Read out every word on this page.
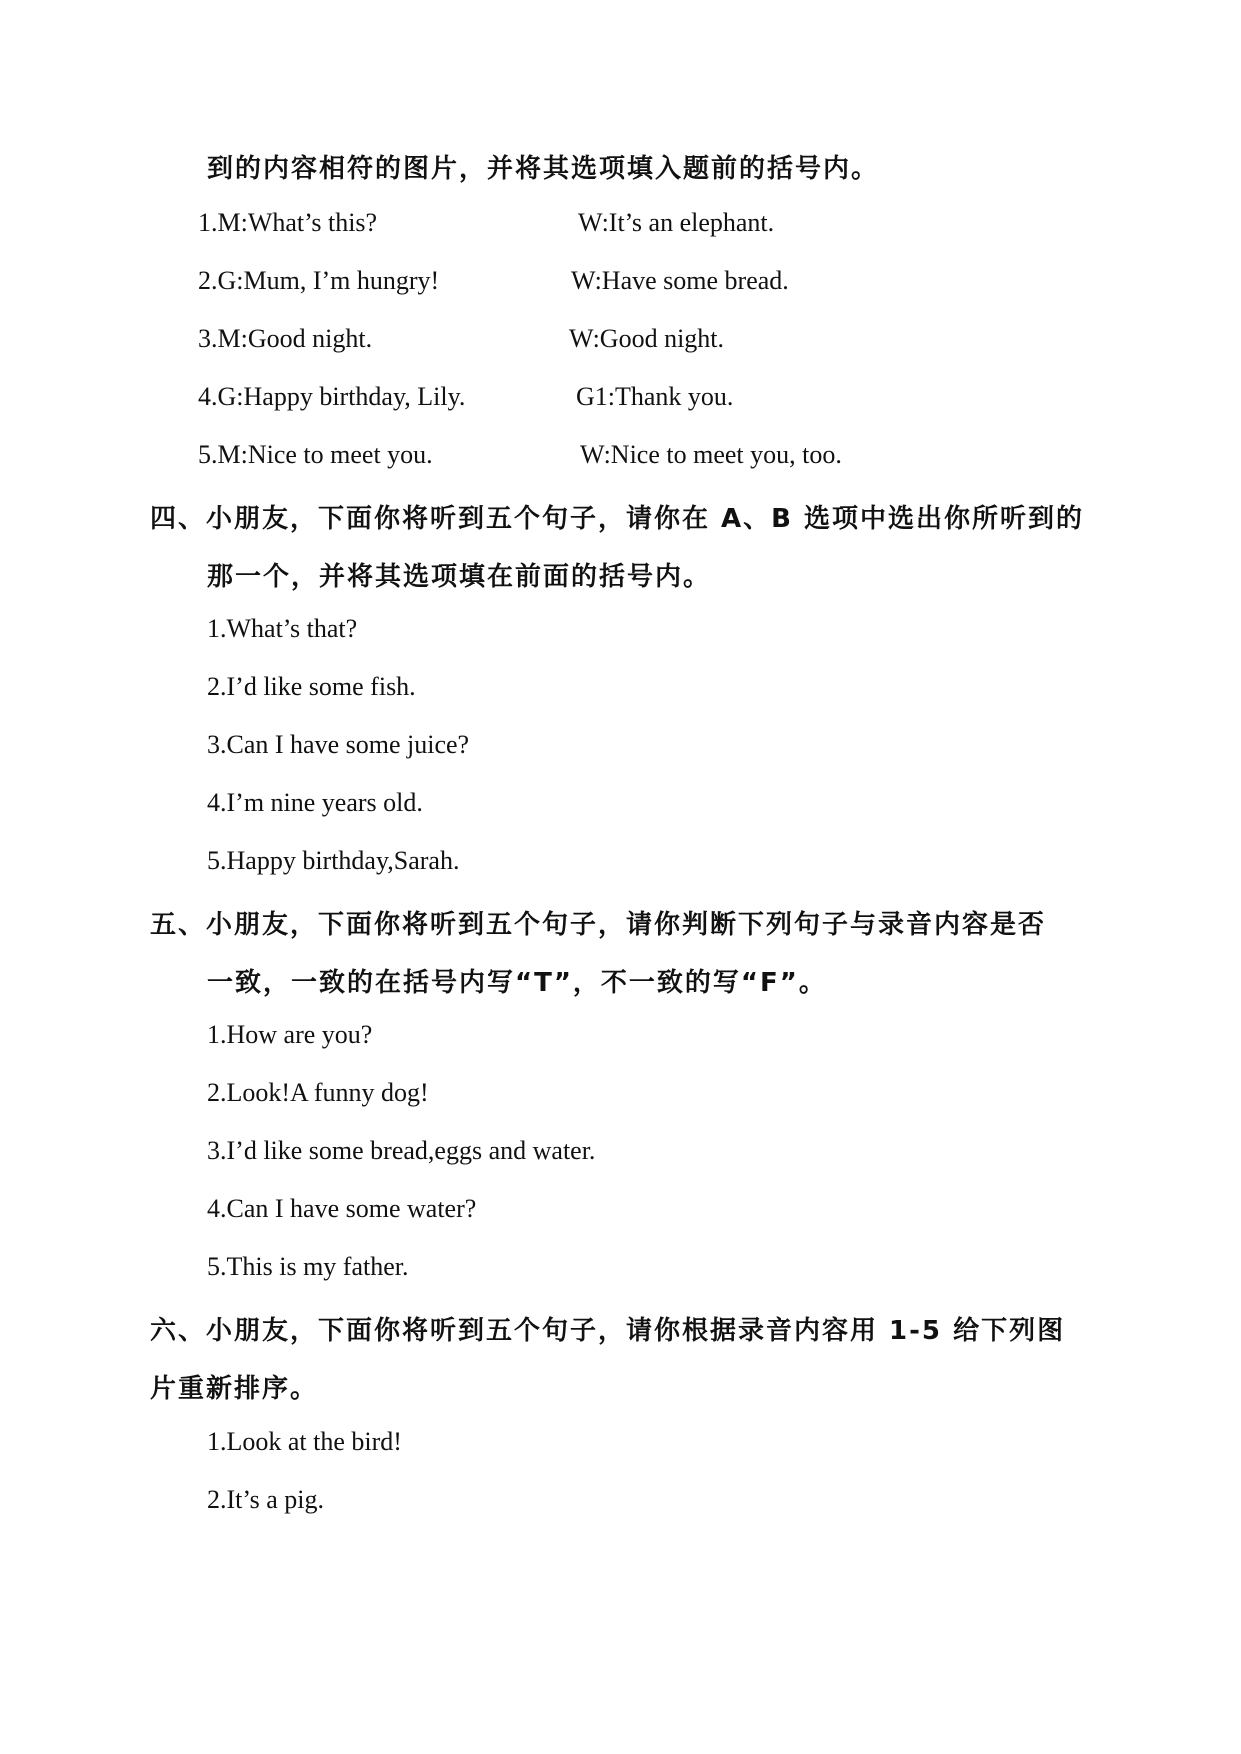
到的内容相符的图片，并将其选项填入题前的括号内。
1.M:What’s this?	W:It’s an elephant.
2.G:Mum, I’m hungry!	W:Have some bread.
3.M:Good night.	W:Good night.
4.G:Happy birthday, Lily.	G1:Thank you.
5.M:Nice to meet you.	W:Nice to meet you, too.
四、小朋友，下面你将听到五个句子，请你在 A、B 选项中选出你所听到的
那一个，并将其选项填在前面的括号内。
1.What’s that?
2.I’d like some fish.
3.Can I have some juice?
4.I’m nine years old.
5.Happy birthday,Sarah.
五、小朋友，下面你将听到五个句子，请你判断下列句子与录音内容是否
一致，一致的在括号内写“T”，不一致的写“F”。
1.How are you?
2.Look!A funny dog!
3.I’d like some bread,eggs and water.
4.Can I have some water?
5.This is my father.
六、小朋友，下面你将听到五个句子，请你根据录音内容用 1-5 给下列图
片重新排序。
1.Look at the bird!
2.It’s a pig.
